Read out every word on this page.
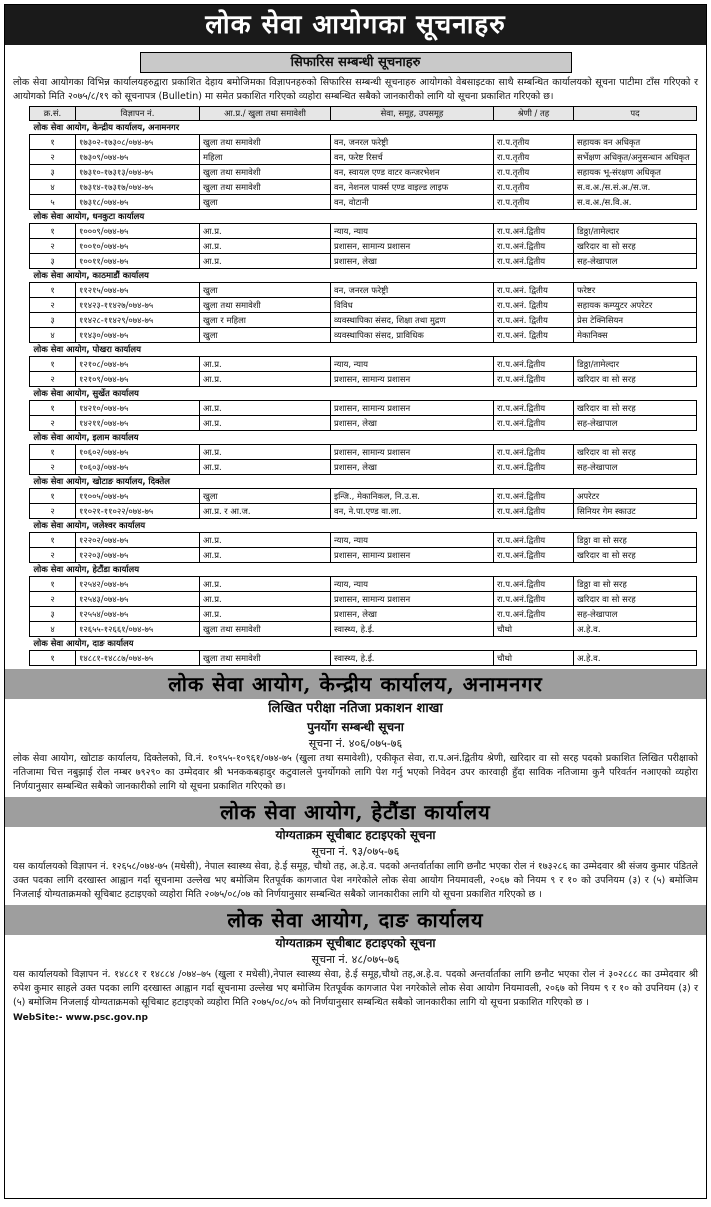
लोक सेवा आयोगका सूचनाहरु
सिफारिस सम्बन्धी सूचनाहरु
लोक सेवा आयोगका विभिन्न कार्यालयहरुद्वारा प्रकाशित देहाय बमोजिमका विज्ञापनहरुको सिफारिस सम्बन्धी सूचनाहरु आयोगको वेबसाइटका साथै सम्बन्धित कार्यालयको सूचना पाटीमा टाँस गरिएको र आयोगको मिति २०७५/८/१९ को सूचनापत्र (Bulletin) मा समेत प्रकाशित गरिएको व्यहोरा सम्बन्धित सबैको जानकारीको लागि यो सूचना प्रकाशित गरिएको छ।
क्र.सं.	विज्ञापन नं.	आ.प्र./ खुला तथा समावेशी	सेवा, समूह, उपसमूह	श्रेणी / तह	पद
लोक सेवा आयोग, केन्द्रीय कार्यालय, अनामनगर					
१	१७३०२-१७३०८/०७४-७५	खुला तथा समावेशी	वन, जनरल फरेष्ट्री	रा.प.तृतीय	सहायक वन अधिकृत
२	१७३०९/०७४-७५	महिला	वन, फरेष्ट रिसर्च	रा.प.तृतीय	सर्भेक्षण अधिकृत/अनुसन्धान अधिकृत
३	१७३१०-१७३१३/०७४-७५	खुला तथा समावेशी	वन, स्वायल एण्ड वाटर कन्जरभेशन	रा.प.तृतीय	सहायक भू-संरक्षण अधिकृत
४	१७३१४-१७३१७/०७४-७५	खुला तथा समावेशी	वन, नेशनल पार्क्स एण्ड वाइल्ड लाइफ	रा.प.तृतीय	स.व.अ./स.सं.अ./स.ज.
५	१७३१८/०७४-७५	खुला	वन, वोटानी	रा.प.तृतीय	स.व.अ./स.वि.अ.
लोक सेवा आयोग, धनकुटा कार्यालय					
१	१०००९/०७४-७५	आ.प्र.	न्याय, न्याय	रा.प.अनं.द्वितीय	डिठ्ठा/तामेल्दार
२	१००१०/०७४-७५	आ.प्र.	प्रशासन, सामान्य प्रशासन	रा.प.अनं.द्वितीय	खरिदार वा सो सरह
३	१००११/०७४-७५	आ.प्र.	प्रशासन, लेखा	रा.प.अनं.द्वितीय	सह-लेखापाल
लोक सेवा आयोग, काठमाडौं कार्यालय					
१	११२१५/०७४-७५	खुला	वन, जनरल फरेष्ट्री	रा.प.अनं. द्वितीय	फरेष्टर
२	११४२३-११४२७/०७४-७५	खुला तथा समावेशी	विविध	रा.प.अनं. द्वितीय	सहायक कम्प्युटर अपरेटर
३	११४२८-११४२९/०७४-७५	खुला र महिला	व्यवस्थापिका संसद, शिक्षा तथा मुद्रण	रा.प.अनं. द्वितीय	प्रेस टेक्निसियन
४	११४३०/०७४-७५	खुला	व्यवस्थापिका संसद, प्राविधिक	रा.प.अनं. द्वितीय	मेकानिक्स
लोक सेवा आयोग, पोखरा कार्यालय					
१	१२१०८/०७४-७५	आ.प्र.	न्याय, न्याय	रा.प.अनं.द्वितीय	डिठ्ठा/तामेल्दार
२	१२१०९/०७४-७५	आ.प्र.	प्रशासन, सामान्य प्रशासन	रा.प.अनं.द्वितीय	खरिदार वा सो सरह
लोक सेवा आयोग, सुर्खेत कार्यालय					
१	१४२१०/०७४-७५	आ.प्र.	प्रशासन, सामान्य प्रशासन	रा.प.अनं.द्वितीय	खरिदार वा सो सरह
२	१४२११/०७४-७५	आ.प्र.	प्रशासन, लेखा	रा.प.अनं.द्वितीय	सह-लेखापाल
लोक सेवा आयोग, इलाम कार्यालय					
१	१०६०२/०७४-७५	आ.प्र.	प्रशासन, सामान्य प्रशासन	रा.प.अनं.द्वितीय	खरिदार वा सो सरह
२	१०६०३/०७४-७५	आ.प्र.	प्रशासन, लेखा	रा.प.अनं.द्वितीय	सह-लेखापाल
लोक सेवा आयोग, खोटाङ कार्यालय, दिक्तेल					
१	११००५/०७४-७५	खुला	इन्जि., मेकानिकल, नि.उ.स.	रा.प.अनं.द्वितीय	अपरेटर
२	११०२१-११०२२/०७४-७५	आ.प्र. र आ.ज.	वन, ने.पा.एण्ड वा.ला.	रा.प.अनं.द्वितीय	सिनियर गेम स्काउट
लोक सेवा आयोग, जलेश्वर कार्यालय					
१	१२२०२/०७४-७५	आ.प्र.	न्याय, न्याय	रा.प.अनं.द्वितीय	डिठ्ठा वा सो सरह
२	१२२०३/०७४-७५	आ.प्र.	प्रशासन, सामान्य प्रशासन	रा.प.अनं.द्वितीय	खरिदार वा सो सरह
लोक सेवा आयोग, हेटौंडा कार्यालय					
१	१२५४२/०७४-७५	आ.प्र.	न्याय, न्याय	रा.प.अनं.द्वितीय	डिठ्ठा वा सो सरह
२	१२५४३/०७४-७५	आ.प्र.	प्रशासन, सामान्य प्रशासन	रा.प.अनं.द्वितीय	खरिदार वा सो सरह
३	१२५५४/०७४-७५	आ.प्र.	प्रशासन, लेखा	रा.प.अनं.द्वितीय	सह-लेखापाल
४	१२६५५-१२६६१/०७४-७५	खुला तथा समावेशी	स्वास्थ्य, हे.ई.	चौथो	अ.हे.व.
लोक सेवा आयोग, दाङ कार्यालय					
१	१४८८१-१४८८७/०७४-७५	खुला तथा समावेशी	स्वास्थ्य, हे.ई.	चौथो	अ.हे.व.
लोक सेवा आयोग, केन्द्रीय कार्यालय, अनामनगर
लिखित परीक्षा नतिजा प्रकाशन शाखा
पुनर्योग सम्बन्धी सूचना
सूचना नं. ४०६/०७५-७६
लोक सेवा आयोग, खोटाङ कार्यालय, दिक्तेलको, वि.नं. १०९५५-१०९६१/०७४-७५ (खुला तथा समावेशी), एकीकृत सेवा, रा.प.अनं.द्वितीय श्रेणी, खरिदार वा सो सरह पदको प्रकाशित लिखित परीक्षाको नतिजामा चित्त नबुझाई रोल नम्बर ७९२९० का उम्मेदवार श्री भनककबहादुर कटुवालले पुनर्योगको लागि पेश गर्नु भएको निवेदन उपर कारवाही हुँदा साविक नतिजामा कुनै परिवर्तन नआएको व्यहोरा निर्णयानुसार सम्बन्धित सबैको जानकारीको लागि यो सूचना प्रकाशित गरिएको छ।
लोक सेवा आयोग, हेटौंडा कार्यालय
योग्यताक्रम सूचीबाट हटाइएको सूचना
सूचना नं. ९३/०७५-७६
यस कार्यालयको विज्ञापन नं. १२६५८/०७४-७५ (मधेसी), नेपाल स्वास्थ्य सेवा, हे.ई समूह, चौथो तह, अ.हे.व. पदको अन्तर्वार्ताका लागि छनौट भएका रोल नं १७३२८६ का उम्मेदवार श्री संजय कुमार पंडितले उक्त पदका लागि दरखास्त आह्वान गर्दा सूचनामा उल्लेख भए बमोजिम रितपूर्वक कागजात पेश नगरेकोले लोक सेवा आयोग नियमावली, २०६७ को नियम ९ र १० को उपनियम (३) र (५) बमोजिम निजलाई योग्यताक्रमको सूचिबाट हटाइएको व्यहोरा मिति २०७५/०८/०७ को निर्णयानुसार सम्बन्धित सबैको जानकारीका लागि यो सूचना प्रकाशित गरिएको छ ।
लोक सेवा आयोग, दाङ कार्यालय
योग्यताक्रम सूचीबाट हटाइएको सूचना
सूचना नं. ४८/०७५-७६
यस कार्यालयको विज्ञापन नं. १४८८१ र १४८८४ /०७४–७५ (खुला र मधेसी),नेपाल स्वास्थ्य सेवा, हे.ई समूह,चौथो तह,अ.हे.व. पदको अन्तर्वार्ताका लागि छनौट भएका रोल नं ३०२८८८ का उम्मेदवार श्री रुपेश कुमार साहले उक्त पदका लागि दरखास्त आह्वान गर्दा सूचनामा उल्लेख भए बमोजिम रितपूर्वक कागजात पेश नगरेकोले लोक सेवा आयोग नियमावली, २०६७ को नियम ९ र १० को उपनियम (३) र (५) बमोजिम निजलाई योग्यताक्रमको सूचिबाट हटाइएको व्यहोरा मिति २०७५/०८/०५ को निर्णयानुसार सम्बन्धित सबैको जानकारीका लागि यो सूचना प्रकाशित गरिएको छ ।
WebSite:- www.psc.gov.np
